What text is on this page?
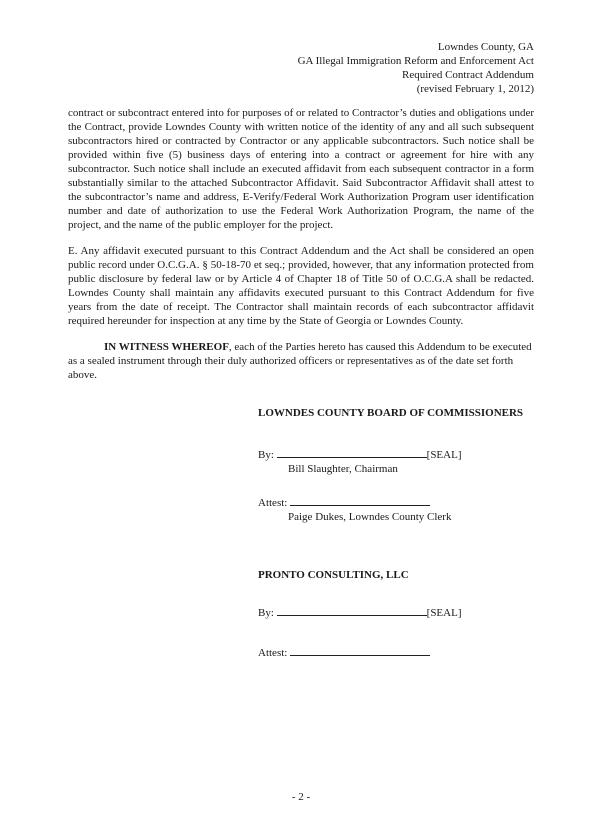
Lowndes County, GA
GA Illegal Immigration Reform and Enforcement Act
Required Contract Addendum
(revised February 1, 2012)

contract or subcontract entered into for purposes of or related to Contractor’s duties and obligations underthe Contract, provide Lowndes County with written notice of the identity of any and all such subsequentsubcontractors hired or contracted by Contractor or any applicable subcontractors. Such notice shall beprovided within five (5) business days of entering into a contract or agreement for hire with anysubcontractor. Such notice shall include an executed affidavit from each subsequent contractor in a formsubstantially similar to the attached Subcontractor Affidavit. Said Subcontractor Affidavit shall attest tothe subcontractor’s name and address, E-Verify/Federal Work Authorization Program user identificationnumber and date of authorization to use the Federal Work Authorization Program, the name of the project, and the name of the public employer for the project.

E. Any affidavit executed pursuant to this Contract Addendum and the Act shall be considered an openpublic record under O.C.G.A. § 50-18-70 et seq.; provided, however, that any information protected frompublic disclosure by federal law or by Article 4 of Chapter 18 of Title 50 of O.C.G.A shall be redacted.Lowndes County shall maintain any affidavits executed pursuant to this Contract Addendum for five years from the date of receipt. The Contractor shall maintain records of each subcontractor affidavit required hereunder for inspection at any time by the State of Georgia or Lowndes County.

IN WITNESS WHEREOF, each of the Parties hereto has caused this Addendum to be executedas a sealed instrument through their duly authorized officers or representatives as of the date set forthabove.

LOWNDES COUNTY BOARD OF COMMISSIONERS
By:	[SEAL]
Bill Slaughter, Chairman
Attest:
Paige Dukes, Lowndes County Clerk
PRONTO CONSULTING, LLC
By:	[SEAL]
Attest:
- 2 -
